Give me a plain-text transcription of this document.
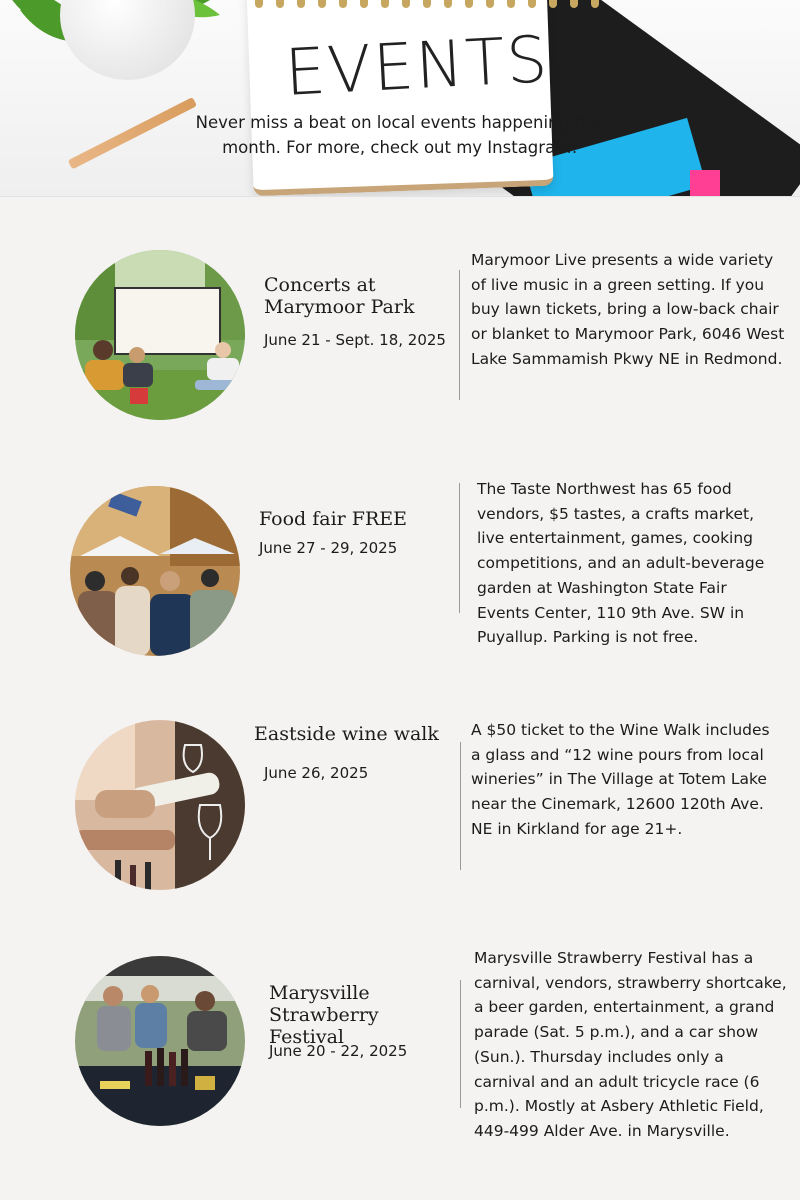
EVENTS
Never miss a beat on local events happening this month. For more, check out my Instagram!
Concerts at Marymoor Park
June 21 - Sept. 18, 2025
Marymoor Live presents a wide variety of live music in a green setting. If you buy lawn tickets, bring a low-back chair or blanket to Marymoor Park, 6046 West Lake Sammamish Pkwy NE in Redmond.
Food fair FREE
June 27 - 29, 2025
The Taste Northwest has 65 food vendors, $5 tastes, a crafts market, live entertainment, games, cooking competitions, and an adult-beverage garden at Washington State Fair Events Center, 110 9th Ave. SW in Puyallup. Parking is not free.
Eastside wine walk
June 26, 2025
A $50 ticket to the Wine Walk includes a glass and “12 wine pours from local wineries” in The Village at Totem Lake near the Cinemark, 12600 120th Ave. NE in Kirkland for age 21+.
Marysville Strawberry Festival
June 20 - 22, 2025
Marysville Strawberry Festival has a carnival, vendors, strawberry shortcake, a beer garden, entertainment, a grand parade (Sat. 5 p.m.), and a car show (Sun.). Thursday includes only a carnival and an adult tricycle race (6 p.m.). Mostly at Asbery Athletic Field, 449-499 Alder Ave. in Marysville.
